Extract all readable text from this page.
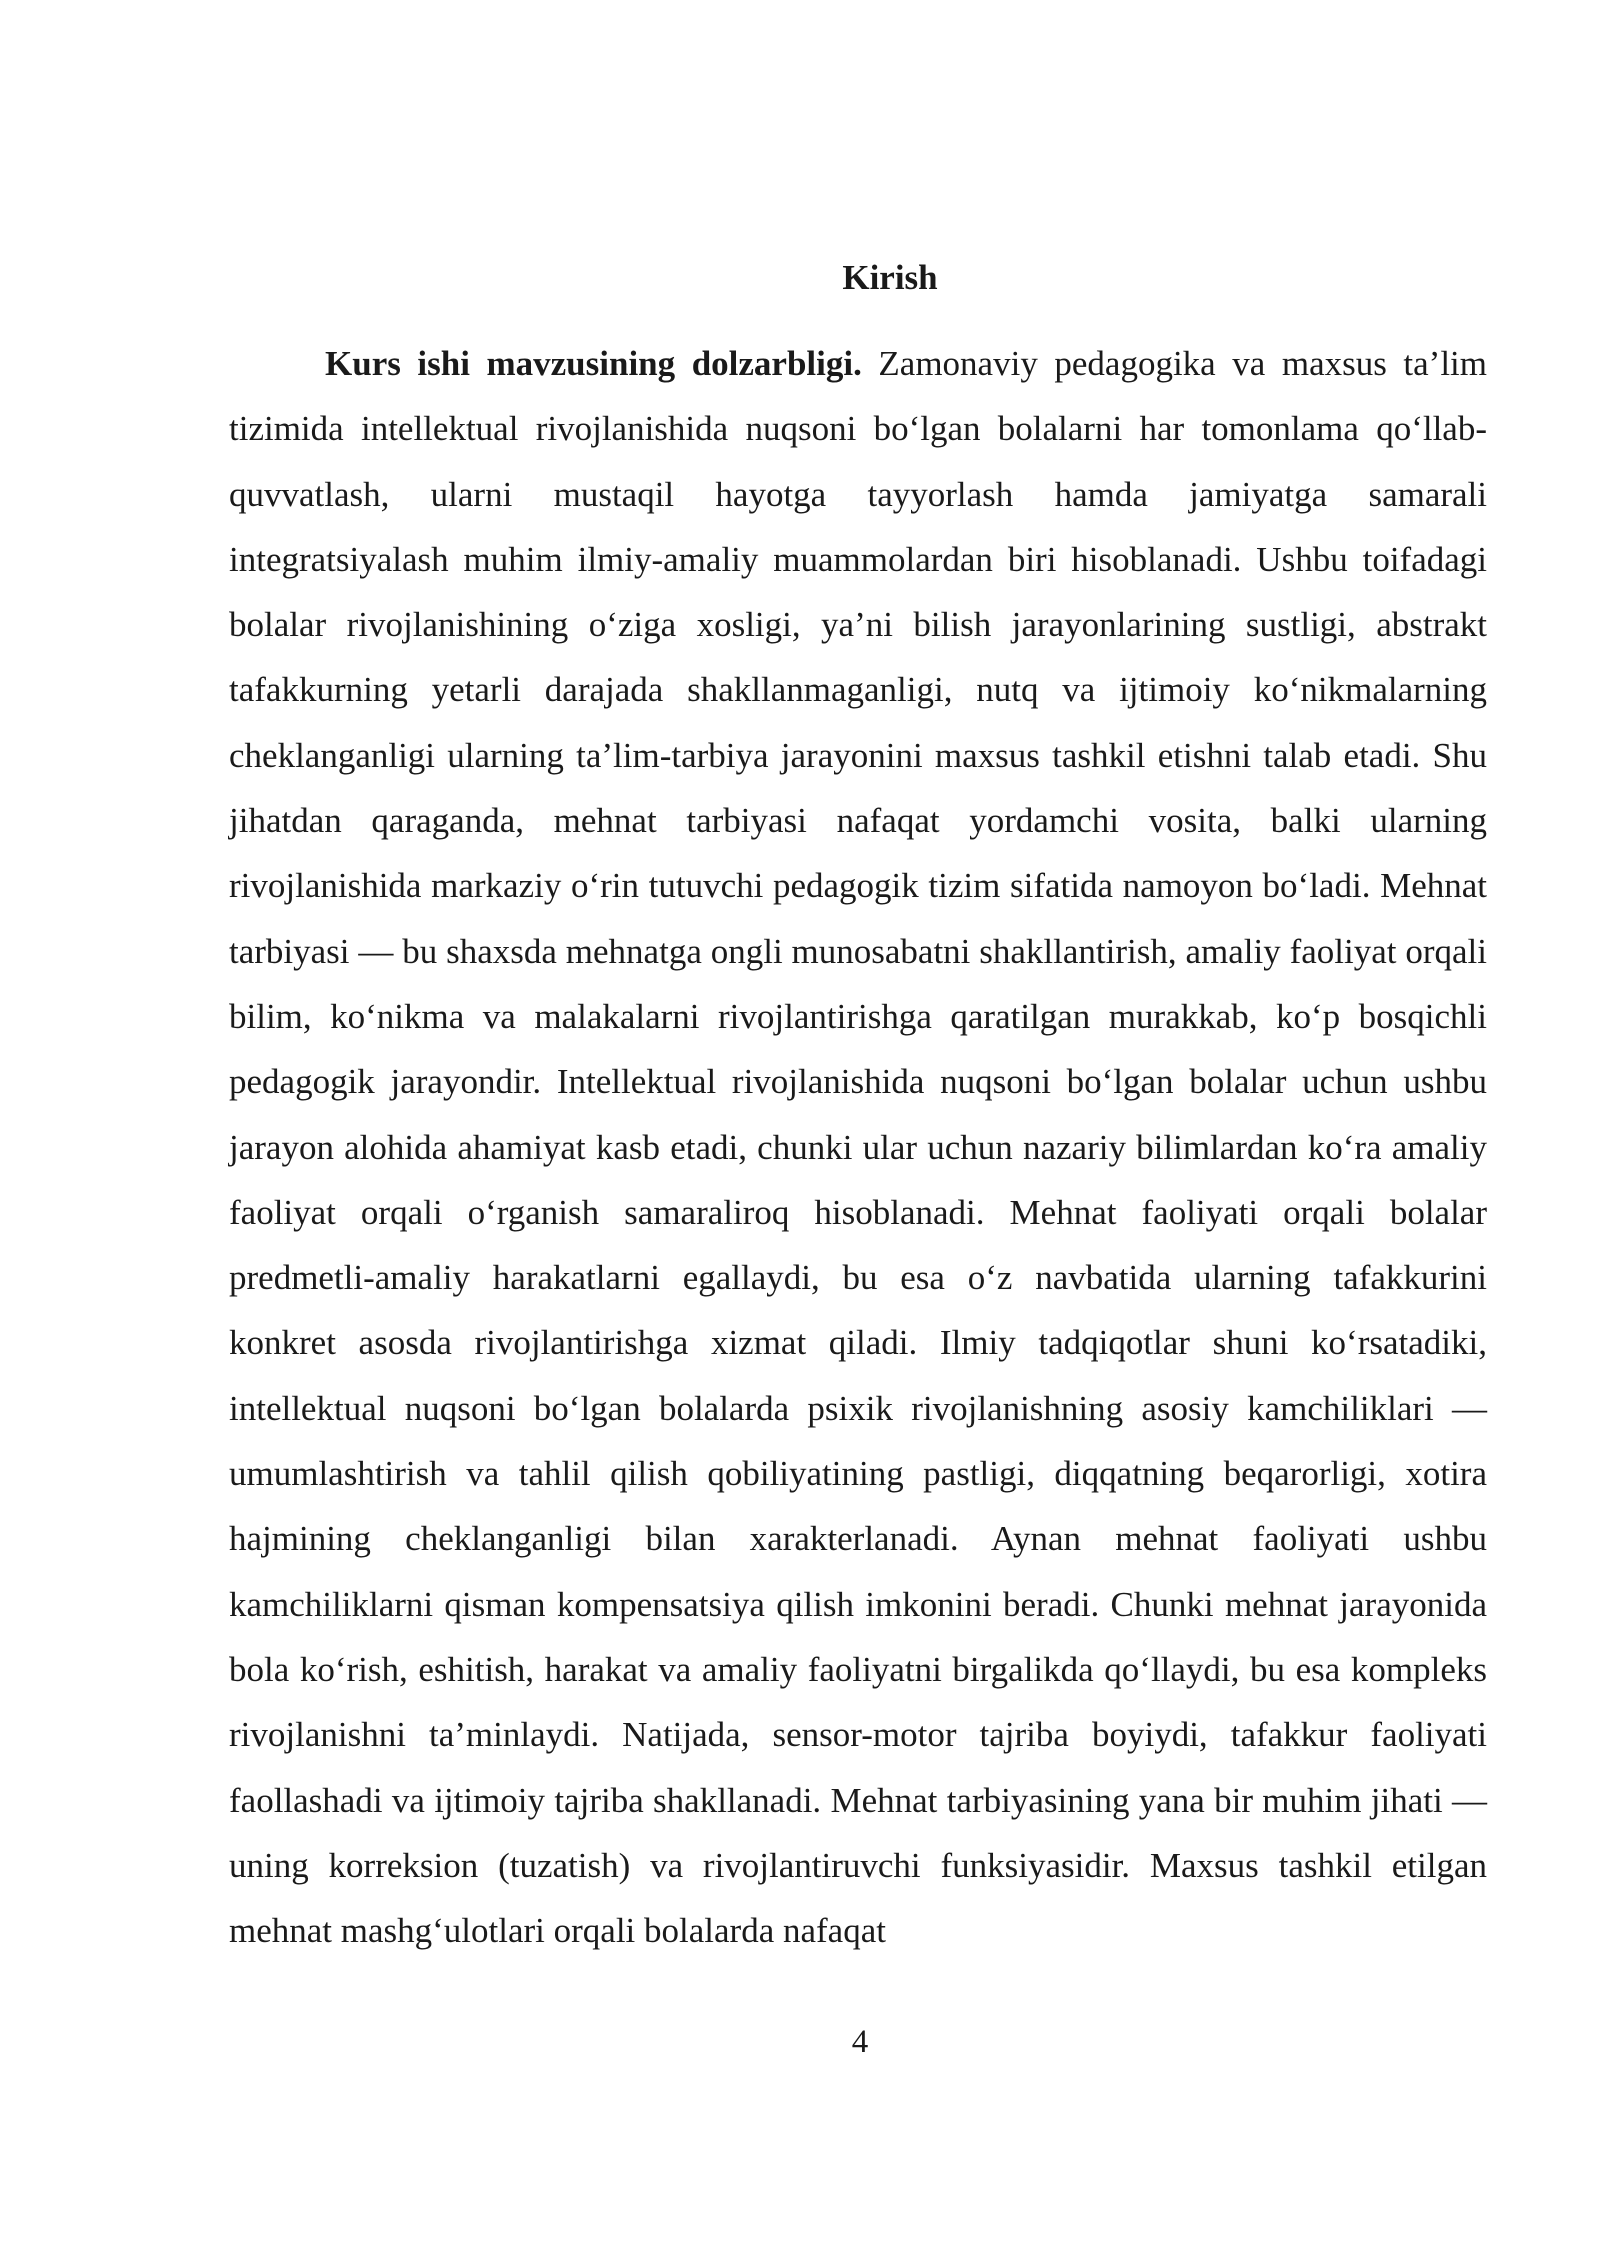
Kirish

Kurs ishi mavzusining dolzarbligi. Zamonaviy pedagogika va maxsus ta’lim tizimida intellektual rivojlanishida nuqsoni bo‘lgan bolalarni har tomonlama qo‘llab-quvvatlash, ularni mustaqil hayotga tayyorlash hamda jamiyatga samarali integratsiyalash muhim ilmiy-amaliy muammolardan biri hisoblanadi. Ushbu toifadagi bolalar rivojlanishining o‘ziga xosligi, ya’ni bilish jarayonlarining sustligi, abstrakt tafakkurning yetarli darajada shakllanmaganligi, nutq va ijtimoiy ko‘nikmalarning cheklanganligi ularning ta’lim-tarbiya jarayonini maxsus tashkil etishni talab etadi. Shu jihatdan qaraganda, mehnat tarbiyasi nafaqat yordamchi vosita, balki ularning rivojlanishida markaziy o‘rin tutuvchi pedagogik tizim sifatida namoyon bo‘ladi. Mehnat tarbiyasi — bu shaxsda mehnatga ongli munosabatni shakllantirish, amaliy faoliyat orqali bilim, ko‘nikma va malakalarni rivojlantirishga qaratilgan murakkab, ko‘p bosqichli pedagogik jarayondir. Intellektual rivojlanishida nuqsoni bo‘lgan bolalar uchun ushbu jarayon alohida ahamiyat kasb etadi, chunki ular uchun nazariy bilimlardan ko‘ra amaliy faoliyat orqali o‘rganish samaraliroq hisoblanadi. Mehnat faoliyati orqali bolalar predmetli-amaliy harakatlarni egallaydi, bu esa o‘z navbatida ularning tafakkurini konkret asosda rivojlantirishga xizmat qiladi. Ilmiy tadqiqotlar shuni ko‘rsatadiki, intellektual nuqsoni bo‘lgan bolalarda psixik rivojlanishning asosiy kamchiliklari — umumlashtirish va tahlil qilish qobiliyatining pastligi, diqqatning beqarorligi, xotira hajmining cheklanganligi bilan xarakterlanadi. Aynan mehnat faoliyati ushbu kamchiliklarni qisman kompensatsiya qilish imkonini beradi. Chunki mehnat jarayonida bola ko‘rish, eshitish, harakat va amaliy faoliyatni birgalikda qo‘llaydi, bu esa kompleks rivojlanishni ta’minlaydi. Natijada, sensor-motor tajriba boyiydi, tafakkur faoliyati faollashadi va ijtimoiy tajriba shakllanadi. Mehnat tarbiyasining yana bir muhim jihati — uning korreksion (tuzatish) va rivojlantiruvchi funksiyasidir. Maxsus tashkil etilgan mehnat mashg‘ulotlari orqali bolalarda nafaqat

4
